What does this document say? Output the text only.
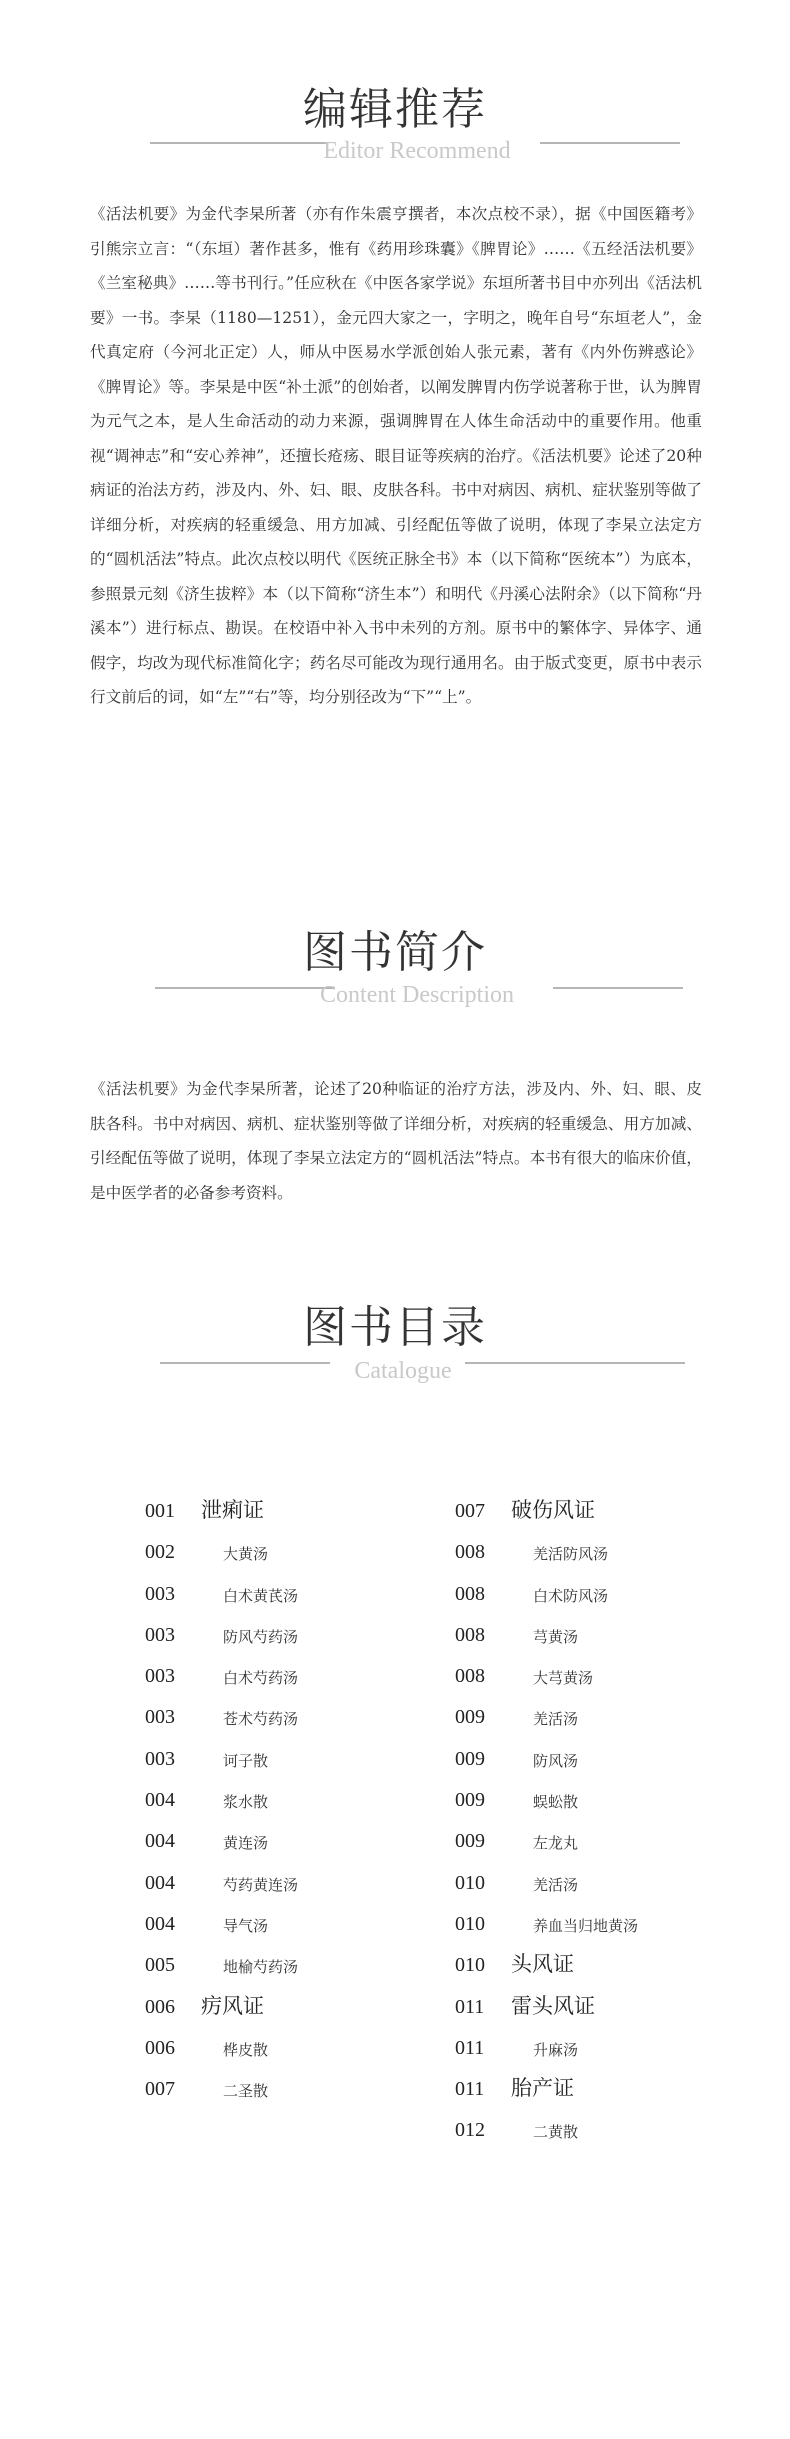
编辑推荐
Editor Recommend

《活法机要》为金代李杲所著（亦有作朱震亨撰者，本次点校不录），据《中国医籍考》引熊宗立言：“（东垣）著作甚多，惟有《药用珍珠囊》《脾胃论》……《五经活法机要》《兰室秘典》……等书刊行。”任应秋在《中医各家学说》东垣所著书目中亦列出《活法机要》一书。李杲（1180—1251），金元四大家之一，字明之，晚年自号“东垣老人”，金代真定府（今河北正定）人，师从中医易水学派创始人张元素，著有《内外伤辨惑论》《脾胃论》等。李杲是中医“补土派”的创始者，以阐发脾胃内伤学说著称于世，认为脾胃为元气之本，是人生命活动的动力来源，强调脾胃在人体生命活动中的重要作用。他重视“调神志”和“安心养神”，还擅长疮疡、眼目证等疾病的治疗。《活法机要》论述了20种病证的治法方药，涉及内、外、妇、眼、皮肤各科。书中对病因、病机、症状鉴别等做了详细分析，对疾病的轻重缓急、用方加减、引经配伍等做了说明，体现了李杲立法定方的“圆机活法”特点。此次点校以明代《医统正脉全书》本（以下简称“医统本”）为底本，参照景元刻《济生拔粹》本（以下简称“济生本”）和明代《丹溪心法附余》（以下简称“丹溪本”）进行标点、勘误。在校语中补入书中未列的方剂。原书中的繁体字、异体字、通假字，均改为现代标准简化字；药名尽可能改为现行通用名。由于版式变更，原书中表示行文前后的词，如“左”“右”等，均分别径改为“下”“上”。

图书简介
Content Description

《活法机要》为金代李杲所著，论述了20种临证的治疗方法，涉及内、外、妇、眼、皮肤各科。书中对病因、病机、症状鉴别等做了详细分析，对疾病的轻重缓急、用方加减、引经配伍等做了说明，体现了李杲立法定方的“圆机活法”特点。本书有很大的临床价值，是中医学者的必备参考资料。

图书目录
Catalogue
001 泄痢证
002	大黄汤
003	白术黄芪汤
003	防风芍药汤
003	白术芍药汤
003	苍术芍药汤
003	诃子散
004	浆水散
004	黄连汤
004	芍药黄连汤
004	导气汤
005	地榆芍药汤
006 疠风证
006	桦皮散
007	二圣散
007 破伤风证
008	羌活防风汤
008	白术防风汤
008	芎黄汤
008	大芎黄汤
009	羌活汤
009	防风汤
009	蜈蚣散
009	左龙丸
010	羌活汤
010	养血当归地黄汤
010 头风证
011 雷头风证
011	升麻汤
011 胎产证
012	二黄散
